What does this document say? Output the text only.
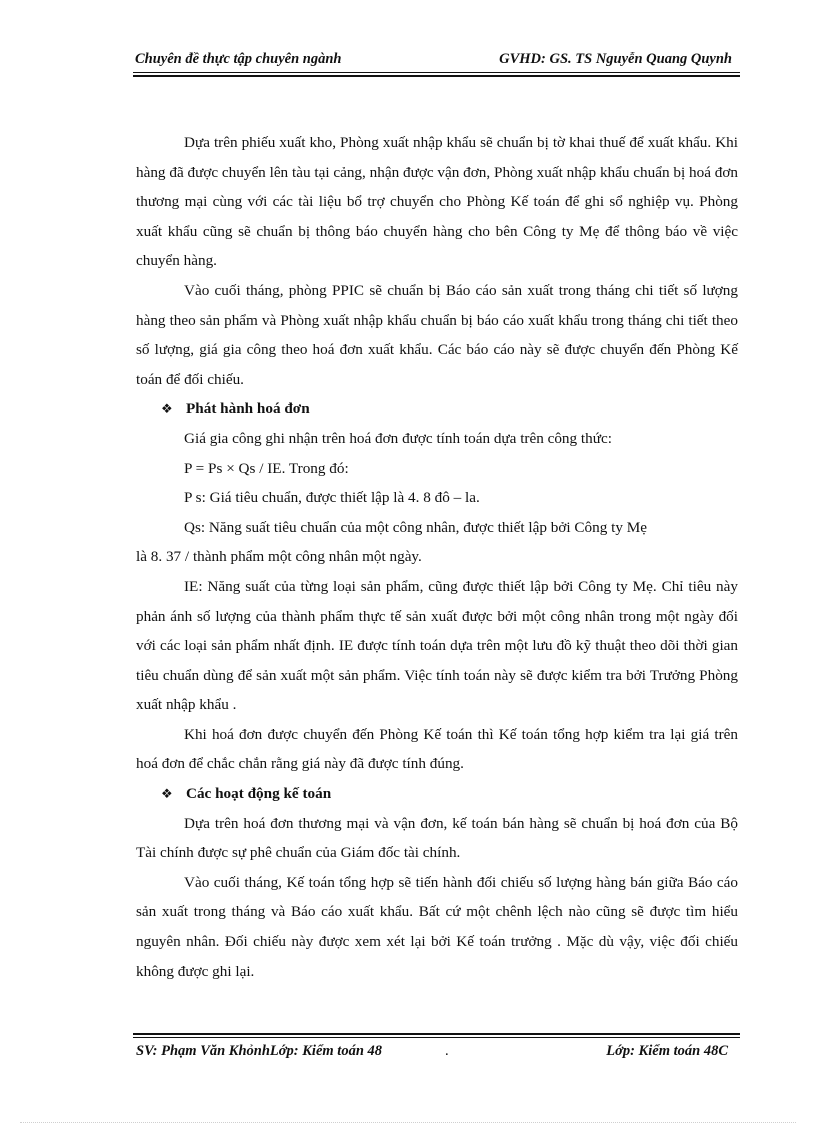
Chuyên đề thực tập chuyên ngành	GVHD: GS. TS Nguyễn Quang Quynh

Dựa trên phiếu xuất kho, Phòng xuất nhập khẩu sẽ chuẩn bị tờ khai thuế để xuất khẩu. Khi hàng đã được chuyển lên tàu tại cảng, nhận được vận đơn, Phòng xuất nhập khẩu chuẩn bị hoá đơn thương mại cùng với các tài liệu bổ trợ chuyển cho Phòng Kế toán để ghi sổ nghiệp vụ. Phòng xuất khẩu cũng sẽ chuẩn bị thông báo chuyển hàng cho bên Công ty Mẹ để thông báo về việc chuyển hàng.

Vào cuối tháng, phòng PPIC sẽ chuẩn bị Báo cáo sản xuất trong tháng chi tiết số lượng hàng theo sản phẩm và Phòng xuất nhập khẩu chuẩn bị báo cáo xuất khẩu trong tháng chi tiết theo số lượng, giá gia công theo hoá đơn xuất khẩu. Các báo cáo này sẽ được chuyển đến Phòng Kế toán để đối chiếu.

❖ Phát hành hoá đơn

Giá gia công ghi nhận trên hoá đơn được tính toán dựa trên công thức:

P = Ps × Qs / IE. Trong đó:

P s: Giá tiêu chuẩn, được thiết lập là 4. 8 đô – la.

Qs: Năng suất tiêu chuẩn của một công nhân, được thiết lập bởi Công ty Mẹ

là 8. 37 / thành phẩm một công nhân một ngày.

IE: Năng suất của từng loại sản phẩm, cũng được thiết lập bởi Công ty Mẹ. Chỉ tiêu này phản ánh số lượng của thành phẩm thực tế sản xuất được bởi một công nhân trong một ngày đối với các loại sản phẩm nhất định. IE được tính toán dựa trên một lưu đồ kỹ thuật theo dõi thời gian tiêu chuẩn dùng để sản xuất một sản phẩm. Việc tính toán này sẽ được kiểm tra bởi Trưởng Phòng xuất nhập khẩu .

Khi hoá đơn được chuyển đến Phòng Kế toán thì Kế toán tổng hợp kiểm tra lại giá trên hoá đơn để chắc chắn rằng giá này đã được tính đúng.

❖ Các hoạt động kế toán

Dựa trên hoá đơn thương mại và vận đơn, kế toán bán hàng sẽ chuẩn bị hoá đơn của Bộ Tài chính được sự phê chuẩn của Giám đốc tài chính.

Vào cuối tháng, Kế toán tổng hợp sẽ tiến hành đối chiếu số lượng hàng bán giữa Báo cáo sản xuất trong tháng và Báo cáo xuất khẩu. Bất cứ một chênh lệch nào cũng sẽ được tìm hiểu nguyên nhân. Đối chiếu này được xem xét lại bởi Kế toán trưởng . Mặc dù vậy, việc đối chiếu không được ghi lại.

SV: Phạm Văn KhỏnhLớp: Kiểm toán 48	.	Lớp: Kiểm toán 48C
